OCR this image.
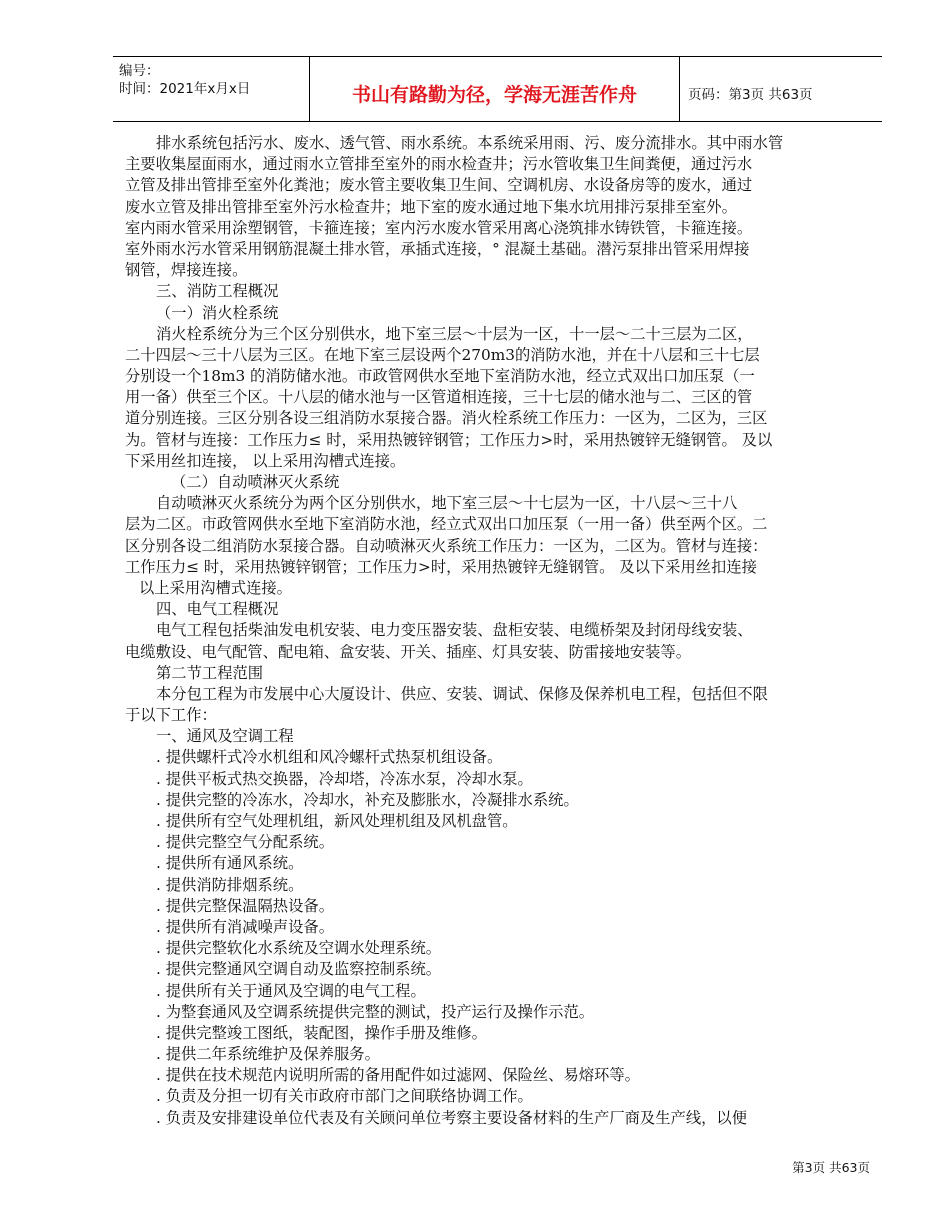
编号：
时间：2021年x月x日	书山有路勤为径，学海无涯苦作舟	页码：第3页 共63页
排水系统包括污水、废水、透气管、雨水系统。本系统采用雨、污、废分流排水。其中雨水管
主要收集屋面雨水，通过雨水立管排至室外的雨水检查井；污水管收集卫生间粪便，通过污水
立管及排出管排至室外化粪池；废水管主要收集卫生间、空调机房、水设备房等的废水，通过
废水立管及排出管排至室外污水检查井；地下室的废水通过地下集水坑用排污泵排至室外。
室内雨水管采用涂塑钢管，卡箍连接；室内污水废水管采用离心浇筑排水铸铁管，卡箍连接。
室外雨水污水管采用钢筋混凝土排水管，承插式连接，° 混凝土基础。潜污泵排出管采用焊接
钢管，焊接连接。
三、消防工程概况
（一）消火栓系统
消火栓系统分为三个区分别供水，地下室三层～十层为一区，十一层～二十三层为二区，
二十四层～三十八层为三区。在地下室三层设两个270m3的消防水池，并在十八层和三十七层
分别设一个18m3 的消防储水池。市政管网供水至地下室消防水池，经立式双出口加压泵（一
用一备）供至三个区。十八层的储水池与一区管道相连接，三十七层的储水池与二、三区的管
道分别连接。三区分别各设三组消防水泵接合器。消火栓系统工作压力：一区为，二区为，三区
为。管材与连接：工作压力≤ 时，采用热镀锌钢管；工作压力>时，采用热镀锌无缝钢管。 及以
下采用丝扣连接， 以上采用沟槽式连接。
（二）自动喷淋灭火系统
自动喷淋灭火系统分为两个区分别供水，地下室三层～十七层为一区，十八层～三十八
层为二区。市政管网供水至地下室消防水池，经立式双出口加压泵（一用一备）供至两个区。二
区分别各设二组消防水泵接合器。自动喷淋灭火系统工作压力：一区为，二区为。管材与连接：
工作压力≤ 时，采用热镀锌钢管；工作压力>时，采用热镀锌无缝钢管。 及以下采用丝扣连接
以上采用沟槽式连接。
四、电气工程概况
电气工程包括柴油发电机安装、电力变压器安装、盘柜安装、电缆桥架及封闭母线安装、
电缆敷设、电气配管、配电箱、盒安装、开关、插座、灯具安装、防雷接地安装等。
第二节工程范围
本分包工程为市发展中心大厦设计、供应、安装、调试、保修及保养机电工程，包括但不限
于以下工作：
一、通风及空调工程
. 提供螺杆式冷水机组和风冷螺杆式热泵机组设备。
. 提供平板式热交换器，冷却塔，冷冻水泵，冷却水泵。
. 提供完整的冷冻水，冷却水，补充及膨胀水，冷凝排水系统。
. 提供所有空气处理机组，新风处理机组及风机盘管。
. 提供完整空气分配系统。
. 提供所有通风系统。
. 提供消防排烟系统。
. 提供完整保温隔热设备。
. 提供所有消减噪声设备。
. 提供完整软化水系统及空调水处理系统。
. 提供完整通风空调自动及监察控制系统。
. 提供所有关于通风及空调的电气工程。
. 为整套通风及空调系统提供完整的测试，投产运行及操作示范。
. 提供完整竣工图纸，装配图，操作手册及维修。
. 提供二年系统维护及保养服务。
. 提供在技术规范内说明所需的备用配件如过滤网、保险丝、易熔环等。
. 负责及分担一切有关市政府市部门之间联络协调工作。
. 负责及安排建设单位代表及有关顾问单位考察主要设备材料的生产厂商及生产线，以便
第3页 共63页
